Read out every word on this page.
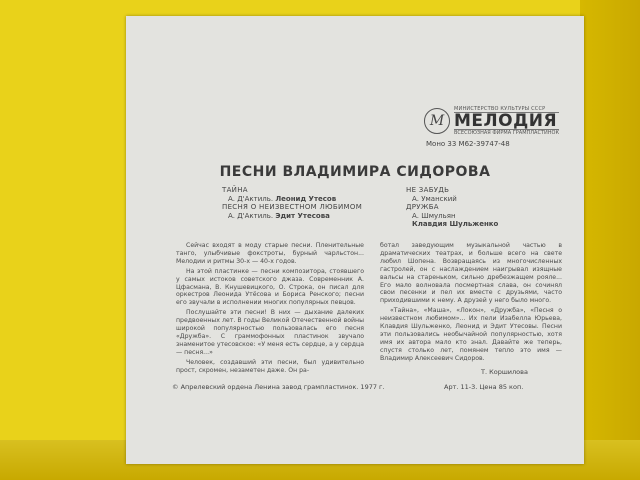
М
МИНИСТЕРСТВО КУЛЬТУРЫ СССР
МЕЛОДИЯ
ВСЕСОЮЗНАЯ ФИРМА ГРАМПЛАСТИНОК
Моно 33 М62-39747-48
ПЕСНИ ВЛАДИМИРА СИДОРОВА
ТАЙНА
А. Д'Актиль. Леонид Утесов
ПЕСНЯ О НЕИЗВЕСТНОМ ЛЮБИМОМ
А. Д'Актиль. Эдит Утесова
НЕ ЗАБУДЬ
А. Уманский
ДРУЖБА
А. Шмульян
Клавдия Шульженко

Сейчас входят в моду старые песни. Пленительные танго, улыбчивые фокстроты, бурный чарльстон... Мелодии и ритмы 30-х — 40-х годов.

На этой пластинке — песни композитора, стоявшего у самых истоков советского джаза. Современник А. Цфасмана, В. Кнушевицкого, О. Строка, он писал для оркестров Леонида Утёсова и Бориса Ренского; песни его звучали в исполнении многих популярных певцов.

Послушайте эти песни! В них — дыхание далеких предвоенных лет. В годы Великой Отечественной войны широкой популярностью пользовалась его песня «Дружба». С граммофонных пластинок звучало знаменитое утесовское: «У меня есть сердце, а у сердца — песня...»

Человек, создавший эти песни, был удивительно прост, скромен, незаметен даже. Он ра-

ботал заведующим музыкальной частью в драматических театрах, и больше всего на свете любил Шопена. Возвращаясь из многочисленных гастролей, он с наслаждением наигрывал изящные вальсы на стареньком, сильно дребезжащем рояле... Его мало волновала посмертная слава, он сочинял свои песенки и пел их вместе с друзьями, часто приходившими к нему. А друзей у него было много.

«Тайна», «Маша», «Локон», «Дружба», «Песня о неизвестном любимом»... Их пели Изабелла Юрьева, Клавдия Шульженко, Леонид и Эдит Утесовы. Песни эти пользовались необычайной популярностью, хотя имя их автора мало кто знал. Давайте же теперь, спустя столько лет, помянем тепло это имя — Владимир Алексеевич Сидоров.

Т. Коршилова
© Апрелевский ордена Ленина завод грампластинок. 1977 г.	Арт. 11-3. Цена 85 коп.
